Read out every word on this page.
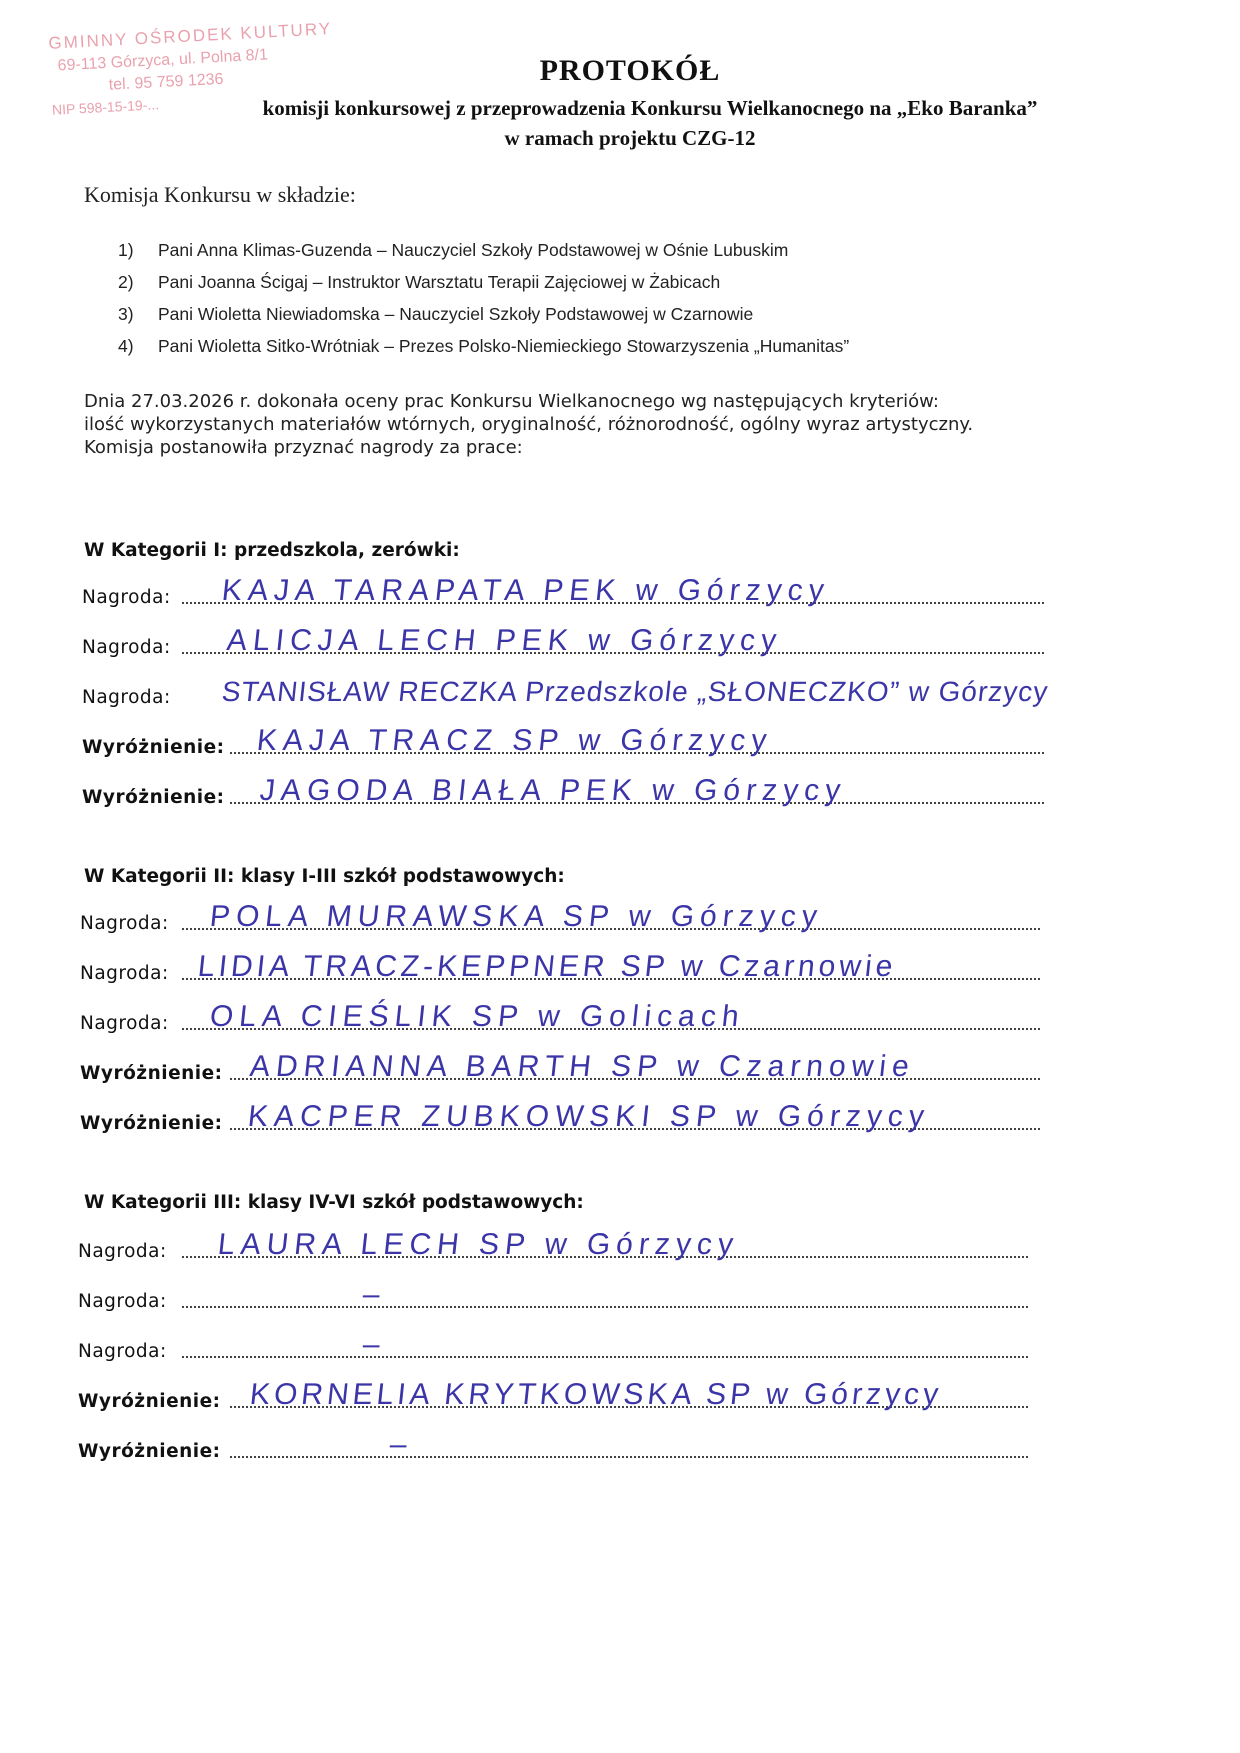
GMINNY OŚRODEK KULTURY
69-113 Górzyca, ul. Polna 8/1
tel. 95 759 1236
NIP 598-15-19-...
PROTOKÓŁ
komisji konkursowej z przeprowadzenia Konkursu Wielkanocnego na „Eko Baranka”
w ramach projektu CZG-12
Komisja Konkursu w składzie:
1) Pani Anna Klimas-Guzenda – Nauczyciel Szkoły Podstawowej w Ośnie Lubuskim
2) Pani Joanna Ścigaj – Instruktor Warsztatu Terapii Zajęciowej w Żabicach
3) Pani Wioletta Niewiadomska – Nauczyciel Szkoły Podstawowej w Czarnowie
4) Pani Wioletta Sitko-Wrótniak – Prezes Polsko-Niemieckiego Stowarzyszenia „Humanitas”
Dnia 27.03.2026 r. dokonała oceny prac Konkursu Wielkanocnego wg następujących kryteriów:
ilość wykorzystanych materiałów wtórnych, oryginalność, różnorodność, ogólny wyraz artystyczny.
Komisja postanowiła przyznać nagrody za prace:
W Kategorii I: przedszkola, zerówki:
Nagroda: KAJA TARAPATA PEK w Górzycy
Nagroda: ALICJA LECH PEK w Górzycy
Nagroda: STANISŁAW RECZKA Przedszkole „SŁONECZKO” w Górzycy
Wyróżnienie: KAJA TRACZ SP w Górzycy
Wyróżnienie: JAGODA BIAŁA PEK w Górzycy
W Kategorii II: klasy I-III szkół podstawowych:
Nagroda: POLA MURAWSKA SP w Górzycy
Nagroda: LIDIA TRACZ-KEPPNER SP w Czarnowie
Nagroda: OLA CIEŚLIK SP w Golicach
Wyróżnienie: ADRIANNA BARTH SP w Czarnowie
Wyróżnienie: KACPER ZUBKOWSKI SP w Górzycy
W Kategorii III: klasy IV-VI szkół podstawowych:
Nagroda: LAURA LECH SP w Górzycy
Nagroda:	–
Nagroda:	–
Wyróżnienie: KORNELIA KRYTKOWSKA SP w Górzycy
Wyróżnienie:	–
